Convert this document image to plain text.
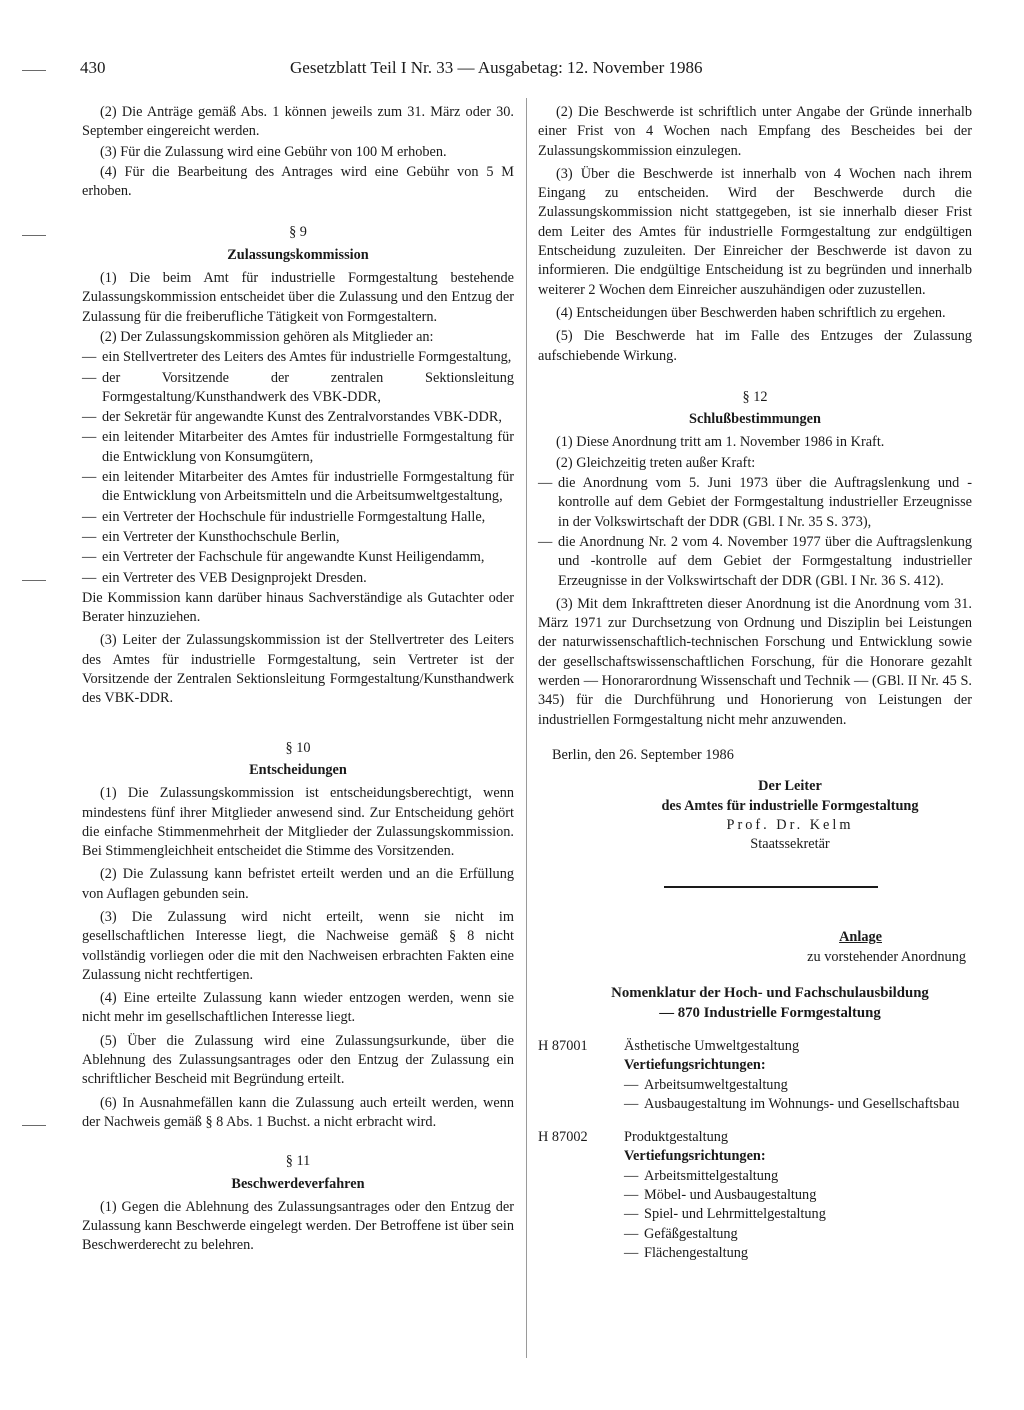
430	Gesetzblatt Teil I Nr. 33 — Ausgabetag: 12. November 1986

(2) Die Anträge gemäß Abs. 1 können jeweils zum 31. März oder 30. September eingereicht werden.

(3) Für die Zulassung wird eine Gebühr von 100 M erhoben.

(4) Für die Bearbeitung des Antrages wird eine Gebühr von 5 M erhoben.

§ 9

Zulassungskommission

(1) Die beim Amt für industrielle Formgestaltung bestehende Zulassungskommission entscheidet über die Zulassung und den Entzug der Zulassung für die freiberufliche Tätigkeit von Formgestaltern.

(2) Der Zulassungskommission gehören als Mitglieder an:

— ein Stellvertreter des Leiters des Amtes für industrielle Formgestaltung,

— der Vorsitzende der zentralen Sektionsleitung Formgestaltung/Kunsthandwerk des VBK-DDR,

— der Sekretär für angewandte Kunst des Zentralvorstandes VBK-DDR,

— ein leitender Mitarbeiter des Amtes für industrielle Formgestaltung für die Entwicklung von Konsumgütern,

— ein leitender Mitarbeiter des Amtes für industrielle Formgestaltung für die Entwicklung von Arbeitsmitteln und die Arbeitsumweltgestaltung,

— ein Vertreter der Hochschule für industrielle Formgestaltung Halle,

— ein Vertreter der Kunsthochschule Berlin,

— ein Vertreter der Fachschule für angewandte Kunst Heiligendamm,

— ein Vertreter des VEB Designprojekt Dresden.

Die Kommission kann darüber hinaus Sachverständige als Gutachter oder Berater hinzuziehen.

(3) Leiter der Zulassungskommission ist der Stellvertreter des Leiters des Amtes für industrielle Formgestaltung, sein Vertreter ist der Vorsitzende der Zentralen Sektionsleitung Formgestaltung/Kunsthandwerk des VBK-DDR.

§ 10

Entscheidungen

(1) Die Zulassungskommission ist entscheidungsberechtigt, wenn mindestens fünf ihrer Mitglieder anwesend sind. Zur Entscheidung gehört die einfache Stimmenmehrheit der Mitglieder der Zulassungskommission. Bei Stimmengleichheit entscheidet die Stimme des Vorsitzenden.

(2) Die Zulassung kann befristet erteilt werden und an die Erfüllung von Auflagen gebunden sein.

(3) Die Zulassung wird nicht erteilt, wenn sie nicht im gesellschaftlichen Interesse liegt, die Nachweise gemäß § 8 nicht vollständig vorliegen oder die mit den Nachweisen erbrachten Fakten eine Zulassung nicht rechtfertigen.

(4) Eine erteilte Zulassung kann wieder entzogen werden, wenn sie nicht mehr im gesellschaftlichen Interesse liegt.

(5) Über die Zulassung wird eine Zulassungsurkunde, über die Ablehnung des Zulassungsantrages oder den Entzug der Zulassung ein schriftlicher Bescheid mit Begründung erteilt.

(6) In Ausnahmefällen kann die Zulassung auch erteilt werden, wenn der Nachweis gemäß § 8 Abs. 1 Buchst. a nicht erbracht wird.

§ 11

Beschwerdeverfahren

(1) Gegen die Ablehnung des Zulassungsantrages oder den Entzug der Zulassung kann Beschwerde eingelegt werden. Der Betroffene ist über sein Beschwerderecht zu belehren.

(2) Die Beschwerde ist schriftlich unter Angabe der Gründe innerhalb einer Frist von 4 Wochen nach Empfang des Bescheides bei der Zulassungskommission einzulegen.

(3) Über die Beschwerde ist innerhalb von 4 Wochen nach ihrem Eingang zu entscheiden. Wird der Beschwerde durch die Zulassungskommission nicht stattgegeben, ist sie innerhalb dieser Frist dem Leiter des Amtes für industrielle Formgestaltung zur endgültigen Entscheidung zuzuleiten. Der Einreicher der Beschwerde ist davon zu informieren. Die endgültige Entscheidung ist zu begründen und innerhalb weiterer 2 Wochen dem Einreicher auszuhändigen oder zuzustellen.

(4) Entscheidungen über Beschwerden haben schriftlich zu ergehen.

(5) Die Beschwerde hat im Falle des Entzuges der Zulassung aufschiebende Wirkung.

§ 12

Schlußbestimmungen

(1) Diese Anordnung tritt am 1. November 1986 in Kraft.

(2) Gleichzeitig treten außer Kraft:

— die Anordnung vom 5. Juni 1973 über die Auftragslenkung und -kontrolle auf dem Gebiet der Formgestaltung industrieller Erzeugnisse in der Volkswirtschaft der DDR (GBl. I Nr. 35 S. 373),

— die Anordnung Nr. 2 vom 4. November 1977 über die Auftragslenkung und -kontrolle auf dem Gebiet der Formgestaltung industrieller Erzeugnisse in der Volkswirtschaft der DDR (GBl. I Nr. 36 S. 412).

(3) Mit dem Inkrafttreten dieser Anordnung ist die Anordnung vom 31. März 1971 zur Durchsetzung von Ordnung und Disziplin bei Leistungen der naturwissenschaftlich-technischen Forschung und Entwicklung sowie der gesellschaftswissenschaftlichen Forschung, für die Honorare gezahlt werden — Honorarordnung Wissenschaft und Technik — (GBl. II Nr. 45 S. 345) für die Durchführung und Honorierung von Leistungen der industriellen Formgestaltung nicht mehr anzuwenden.

Berlin, den 26. September 1986

Der Leiter
des Amtes für industrielle Formgestaltung
Prof. Dr. Kelm
Staatssekretär
Anlage
zu vorstehender Anordnung
Nomenklatur der Hoch- und Fachschulausbildung
— 870 Industrielle Formgestaltung
H 87001	Ästhetische Umweltgestaltung
Vertiefungsrichtungen:
— Arbeitsumweltgestaltung
— Ausbaugestaltung im Wohnungs- und Gesellschaftsbau
H 87002	Produktgestaltung
Vertiefungsrichtungen:
— Arbeitsmittelgestaltung
— Möbel- und Ausbaugestaltung
— Spiel- und Lehrmittelgestaltung
— Gefäßgestaltung
— Flächengestaltung
